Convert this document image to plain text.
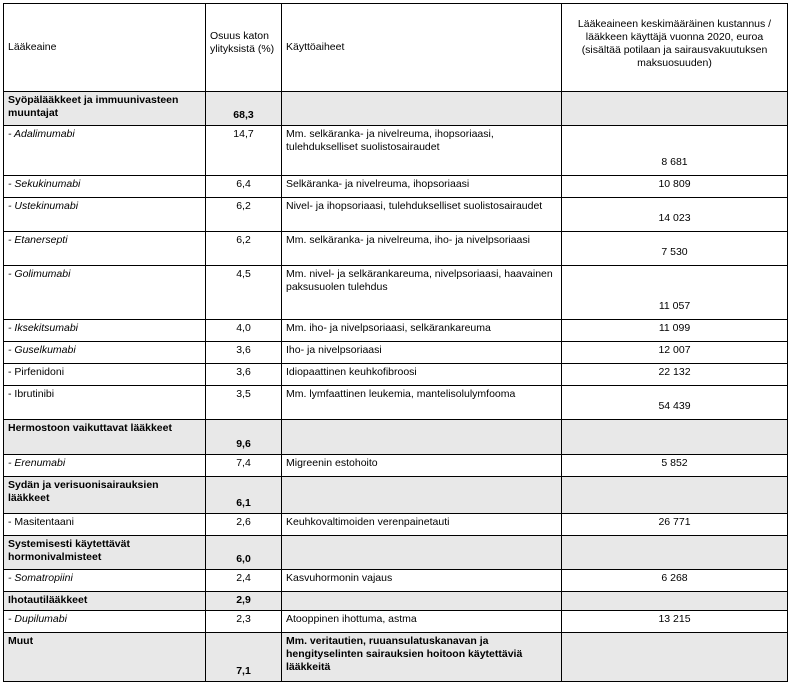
Lääkeaine	Osuus katon ylityksistä (%)	Käyttöaiheet	Lääkeaineen keskimääräinen kustannus / lääkkeen käyttäjä vuonna 2020, euroa (sisältää potilaan ja sairausvakuutuksen maksuosuuden)
Syöpälääkkeet ja immuunivasteen muuntajat	68,3		
- Adalimumabi	14,7	Mm. selkäranka- ja nivelreuma, ihopsoriaasi, tulehdukselliset suolistosairaudet	8 681
- Sekukinumabi	6,4	Selkäranka- ja nivelreuma, ihopsoriaasi	10 809
- Ustekinumabi	6,2	Nivel- ja ihopsoriaasi, tulehdukselliset suolistosairaudet	14 023
- Etanersepti	6,2	Mm. selkäranka- ja nivelreuma, iho- ja nivelpsoriaasi	7 530
- Golimumabi	4,5	Mm. nivel- ja selkärankareuma, nivelpsoriaasi, haavainen paksusuolen tulehdus	11 057
- Iksekitsumabi	4,0	Mm. iho- ja nivelpsoriaasi, selkärankareuma	11 099
- Guselkumabi	3,6	Iho- ja nivelpsoriaasi	12 007
- Pirfenidoni	3,6	Idiopaattinen keuhkofibroosi	22 132
- Ibrutinibi	3,5	Mm. lymfaattinen leukemia, mantelisolulymfooma	54 439
Hermostoon vaikuttavat lääkkeet	9,6		
- Erenumabi	7,4	Migreenin estohoito	5 852
Sydän ja verisuonisairauksien lääkkeet	6,1		
- Masitentaani	2,6	Keuhkovaltimoiden verenpainetauti	26 771
Systemisesti käytettävät hormonivalmisteet	6,0		
- Somatropiini	2,4	Kasvuhormonin vajaus	6 268
Ihotautilääkkeet	2,9		
- Dupilumabi	2,3	Atooppinen ihottuma, astma	13 215
Muut	7,1	Mm. veritautien, ruuansulatuskanavan ja hengityselinten sairauksien hoitoon käytettäviä lääkkeitä	
